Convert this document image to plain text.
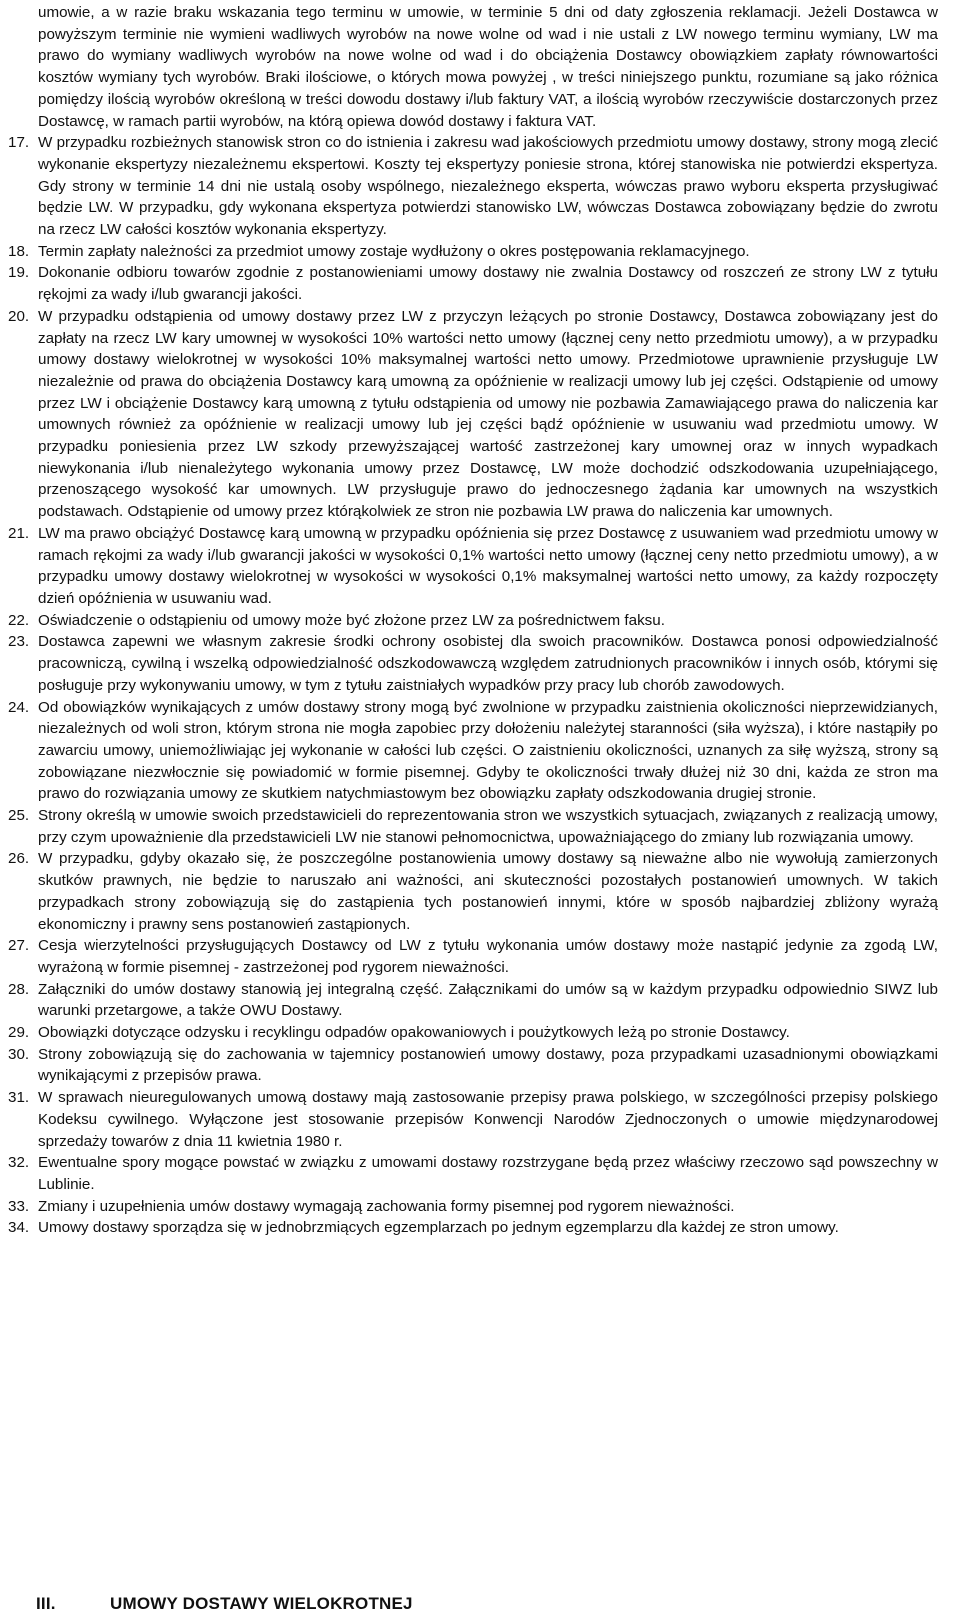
umowie, a w razie braku wskazania tego terminu w umowie, w terminie 5 dni od daty zgłoszenia reklamacji. Jeżeli Dostawca w powyższym terminie nie wymieni wadliwych wyrobów na nowe wolne od wad i nie ustali z LW nowego terminu wymiany, LW ma prawo do wymiany wadliwych wyrobów na nowe wolne od wad i do obciążenia Dostawcy obowiązkiem zapłaty równowartości kosztów wymiany tych wyrobów. Braki ilościowe, o których mowa powyżej , w treści niniejszego punktu, rozumiane są jako różnica pomiędzy ilością wyrobów określoną w treści dowodu dostawy i/lub faktury VAT, a ilością wyrobów rzeczywiście dostarczonych przez Dostawcę, w ramach partii wyrobów, na którą opiewa dowód dostawy i faktura VAT.

17. W przypadku rozbieżnych stanowisk stron co do istnienia i zakresu wad jakościowych przedmiotu umowy dostawy, strony mogą zlecić wykonanie ekspertyzy niezależnemu ekspertowi. Koszty tej ekspertyzy poniesie strona, której stanowiska nie potwierdzi ekspertyza. Gdy strony w terminie 14 dni nie ustalą osoby wspólnego, niezależnego eksperta, wówczas prawo wyboru eksperta przysługiwać będzie LW. W przypadku, gdy wykonana ekspertyza potwierdzi stanowisko LW, wówczas Dostawca zobowiązany będzie do zwrotu na rzecz LW całości kosztów wykonania ekspertyzy.
18. Termin zapłaty należności za przedmiot umowy zostaje wydłużony o okres postępowania reklamacyjnego.
19. Dokonanie odbioru towarów zgodnie z postanowieniami umowy dostawy nie zwalnia Dostawcy od roszczeń ze strony LW z tytułu rękojmi za wady i/lub gwarancji jakości.
20. W przypadku odstąpienia od umowy dostawy przez LW z przyczyn leżących po stronie Dostawcy, Dostawca zobowiązany jest do zapłaty na rzecz LW kary umownej w wysokości 10% wartości netto umowy (łącznej ceny netto przedmiotu umowy), a w przypadku umowy dostawy wielokrotnej w wysokości 10% maksymalnej wartości netto umowy. Przedmiotowe uprawnienie przysługuje LW niezależnie od prawa do obciążenia Dostawcy karą umowną za opóźnienie w realizacji umowy lub jej części. Odstąpienie od umowy przez LW i obciążenie Dostawcy karą umowną z tytułu odstąpienia od umowy nie pozbawia Zamawiającego prawa do naliczenia kar umownych również za opóźnienie w realizacji umowy lub jej części bądź opóźnienie w usuwaniu wad przedmiotu umowy. W przypadku poniesienia przez LW szkody przewyższającej wartość zastrzeżonej kary umownej oraz w innych wypadkach niewykonania i/lub nienależytego wykonania umowy przez Dostawcę, LW może dochodzić odszkodowania uzupełniającego, przenoszącego wysokość kar umownych. LW przysługuje prawo do jednoczesnego żądania kar umownych na wszystkich podstawach. Odstąpienie od umowy przez którąkolwiek ze stron nie pozbawia LW prawa do naliczenia kar umownych.
21. LW ma prawo obciążyć Dostawcę karą umowną w przypadku opóźnienia się przez Dostawcę z usuwaniem wad przedmiotu umowy w ramach rękojmi za wady i/lub gwarancji jakości w wysokości 0,1% wartości netto umowy (łącznej ceny netto przedmiotu umowy), a w przypadku umowy dostawy wielokrotnej w wysokości w wysokości 0,1% maksymalnej wartości netto umowy, za każdy rozpoczęty dzień opóźnienia w usuwaniu wad.
22. Oświadczenie o odstąpieniu od umowy może być złożone przez LW za pośrednictwem faksu.
23. Dostawca zapewni we własnym zakresie środki ochrony osobistej dla swoich pracowników. Dostawca ponosi odpowiedzialność pracowniczą, cywilną i wszelką odpowiedzialność odszkodowawczą względem zatrudnionych pracowników i innych osób, którymi się posługuje przy wykonywaniu umowy, w tym z tytułu zaistniałych wypadków przy pracy lub chorób zawodowych.
24. Od obowiązków wynikających z umów dostawy strony mogą być zwolnione w przypadku zaistnienia okoliczności nieprzewidzianych, niezależnych od woli stron, którym strona nie mogła zapobiec przy dołożeniu należytej staranności (siła wyższa), i które nastąpiły po zawarciu umowy, uniemożliwiając jej wykonanie w całości lub części. O zaistnieniu okoliczności, uznanych za siłę wyższą, strony są zobowiązane niezwłocznie się powiadomić w formie pisemnej. Gdyby te okoliczności trwały dłużej niż 30 dni, każda ze stron ma prawo do rozwiązania umowy ze skutkiem natychmiastowym bez obowiązku zapłaty odszkodowania drugiej stronie.
25. Strony określą w umowie swoich przedstawicieli do reprezentowania stron we wszystkich sytuacjach, związanych z realizacją umowy, przy czym upoważnienie dla przedstawicieli LW nie stanowi pełnomocnictwa, upoważniającego do zmiany lub rozwiązania umowy.
26. W przypadku, gdyby okazało się, że poszczególne postanowienia umowy dostawy są nieważne albo nie wywołują zamierzonych skutków prawnych, nie będzie to naruszało ani ważności, ani skuteczności pozostałych postanowień umownych. W takich przypadkach strony zobowiązują się do zastąpienia tych postanowień innymi, które w sposób najbardziej zbliżony wyrażą ekonomiczny i prawny sens postanowień zastąpionych.
27. Cesja wierzytelności przysługujących Dostawcy od LW z tytułu wykonania umów dostawy może nastąpić jedynie za zgodą LW, wyrażoną w formie pisemnej - zastrzeżonej pod rygorem nieważności.
28. Załączniki do umów dostawy stanowią jej integralną część. Załącznikami do umów są w każdym przypadku odpowiednio SIWZ lub warunki przetargowe, a także OWU Dostawy.
29. Obowiązki dotyczące odzysku i recyklingu odpadów opakowaniowych i poużytkowych leżą po stronie Dostawcy.
30. Strony zobowiązują się do zachowania w tajemnicy postanowień umowy dostawy, poza przypadkami uzasadnionymi obowiązkami wynikającymi z przepisów prawa.
31. W sprawach nieuregulowanych umową dostawy mają zastosowanie przepisy prawa polskiego, w szczególności przepisy polskiego Kodeksu cywilnego. Wyłączone jest stosowanie przepisów Konwencji Narodów Zjednoczonych o umowie międzynarodowej sprzedaży towarów z dnia 11 kwietnia 1980 r.
32. Ewentualne spory mogące powstać w związku z umowami dostawy rozstrzygane będą przez właściwy rzeczowo sąd powszechny w Lublinie.
33. Zmiany i uzupełnienia umów dostawy wymagają zachowania formy pisemnej pod rygorem nieważności.
34. Umowy dostawy sporządza się w jednobrzmiących egzemplarzach po jednym egzemplarzu dla każdej ze stron umowy.
III.	UMOWY DOSTAWY WIELOKROTNEJ
